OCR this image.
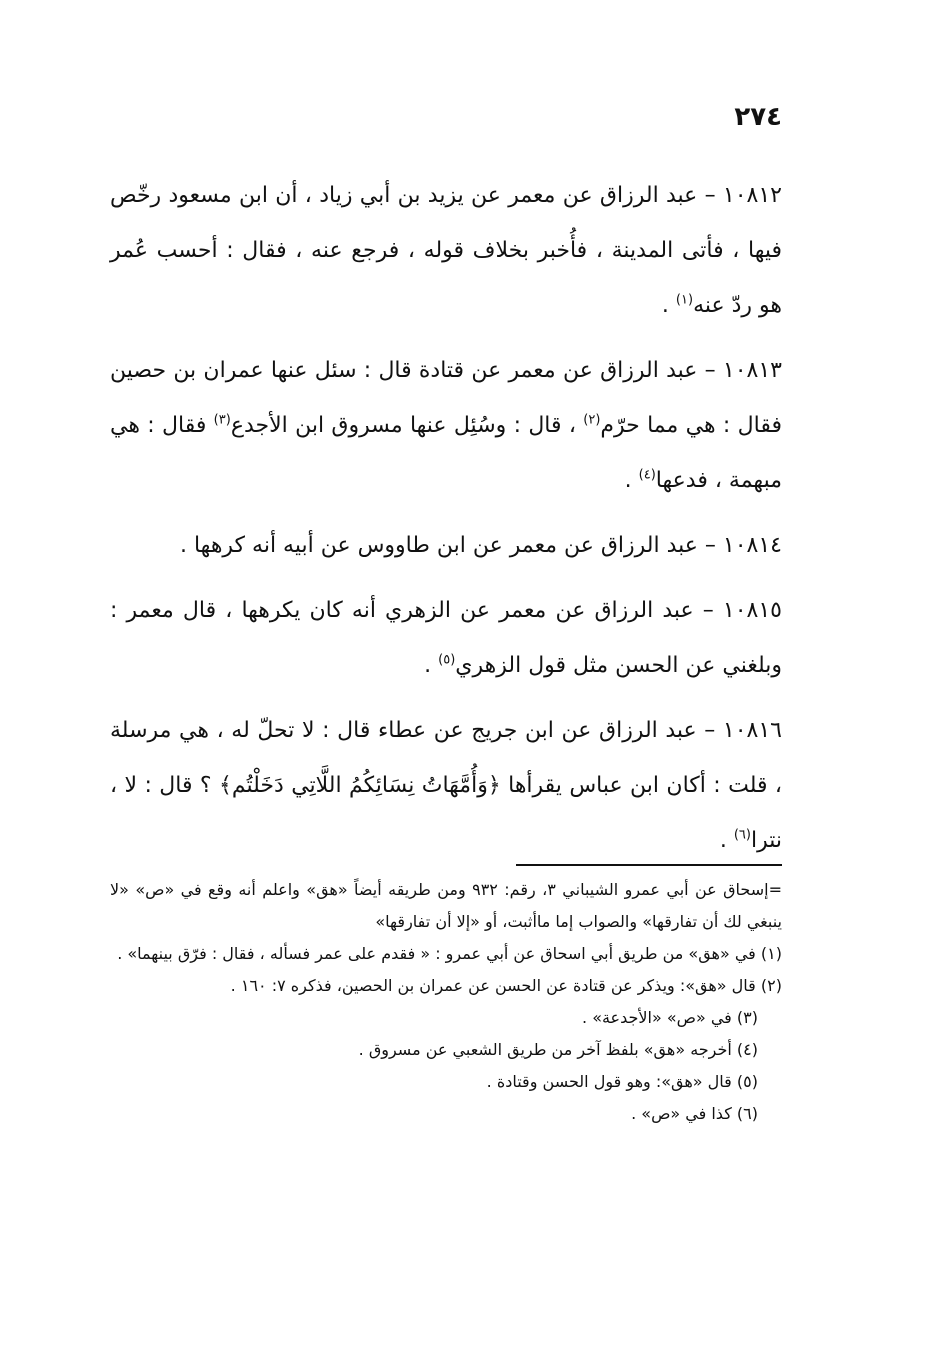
٢٧٤

١٠٨١٢ – عبد الرزاق عن معمر عن يزيد بن أبي زياد ، أن ابن مسعود رخّص فيها ، فأتى المدينة ، فأُخبر بخلاف قوله ، فرجع عنه ، فقال : أحسب عُمر هو ردّ عنه$^{(١)}$ .

١٠٨١٣ – عبد الرزاق عن معمر عن قتادة قال : سئل عنها عمران بن حصين فقال : هي مما حرّم$^{(٢)}$ ، قال : وسُئِل عنها مسروق ابن الأجدع$^{(٣)}$ فقال : هي مبهمة ، فدعها$^{(٤)}$ .

١٠٨١٤ – عبد الرزاق عن معمر عن ابن طاووس عن أبيه أنه كرهها .

١٠٨١٥ – عبد الرزاق عن معمر عن الزهري أنه كان يكرهها ، قال معمر : وبلغني عن الحسن مثل قول الزهري$^{(٥)}$ .

١٠٨١٦ – عبد الرزاق عن ابن جريج عن عطاء قال : لا تحلّ له ، هي مرسلة ، قلت : أكان ابن عباس يقرأها ﴿وَأُمَّهَاتُ نِسَائِكُمُ اللَّاتِي دَخَلْتُم﴾ ؟ قال : لا ، نترا$^{(٦)}$ .

=إسحاق عن أبي عمرو الشيباني ٣، رقم: ٩٣٢ ومن طريقه أيضاً «هق» واعلم أنه وقع في «ص» «لا ينبغي لك أن تفارقها» والصواب إما ماأثبت، أو «إلا أن تفارقها»

(١) في «هق» من طريق أبي اسحاق عن أبي عمرو : « فقدم على عمر فسأله ، فقال : فرّق بينهما» .

(٢) قال «هق»: ويذكر عن قتادة عن الحسن عن عمران بن الحصين، فذكره ٧: ١٦٠ .

(٣) في «ص» «الأجدعة» .

(٤) أخرجه «هق» بلفظ آخر من طريق الشعبي عن مسروق .

(٥) قال «هق»: وهو قول الحسن وقتادة .

(٦) كذا في «ص» .
